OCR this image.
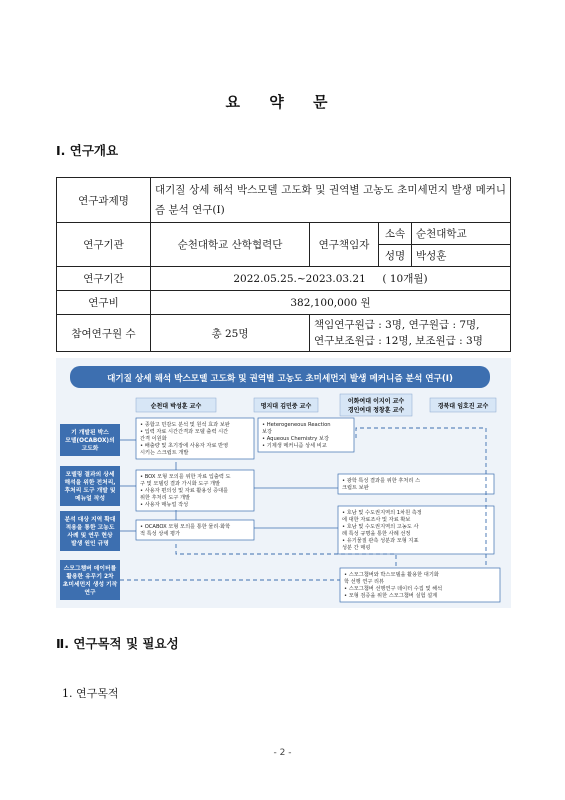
요 약 문
Ⅰ. 연구개요
연구과제명	대기질 상세 해석 박스모델 고도화 및 권역별 고농도 초미세먼지 발생 메커니즘 분석 연구(Ⅰ)			
연구기관	순천대학교 산학협력단	연구책임자	소속	순천대학교
			성명	박성훈
연구기간	2022.05.25.∼2023.03.21     ( 10개월)			
연구비	382,100,000 원			
참여연구원 수	총 25명	책임연구원급 : 3명, 연구원급 : 7명,
연구보조원급 : 12명, 보조원급 : 3명		
대기질 상세 해석 박스모델 고도화 및 권역별 고농도 초미세먼지 발생 메커니즘 분석 연구(Ⅰ)
순천대 박성훈 교수	명지대 김민중 교수
이화여대 이지이 교수
경인여대 정창훈 교수
경북대 임호진 교수
기 개발된 박스
모델(OCABOX)의
고도화
모델링 결과의 상세
해석을 위한 전처리,
후처리 도구 개발 및
메뉴얼 작성
분석 대상 지역 확대
적용을 통한 고농도
사례 및 연무 현상
발생 원인 규명
스모그챔버 데이터를
활용한 유무기 2차
초미세먼지 생성 기작
연구
• 종합고 민감도 분석 및 원석 효과 보완
• 입력 자료 시간간격과 모델 출력 시간
간격 이원화
• 배출량 및 초기장에 사용자 자료 반영
시키는 스크립트 개발
• BOX 모형 모의를 위한 자료 입출력 도
구 및 모델링 결과 가시화 도구 개발
• 사용자 편의성 및 자료 활용성 증대를
위한 후처리 도구 개발
• 사용자 매뉴얼 작성
• OCABOX 모형 모의를 통한 물리·화학
적 특성 상세 평가
• Heterogeneous Reaction
보강
• Aqueous Chemistry 보강
• 기제생 메커니즘 상세 비교
• 광학 특성 결과를 위한 후처리 스
크립트 보완
• 호남 및 수도권지역의 1차원 측정
에 대한 자료조사 및 자료 확보
• 호남 및 수도권지역의 고농도 사
례 특성 규명을 통한 사례 선정
• 유기물질 관측 성분과 모형 지표
성분 간 매핑
• 스모그챔버와 박스모델을 활용한 대기화
학 선행 연구 리뷰
• 스모그챔버 선행연구 데이터 수집 및 해석
• 모형 검증을 위한 스모그챔버 실험 설계
Ⅱ. 연구목적 및 필요성
1. 연구목적
- 2 -
